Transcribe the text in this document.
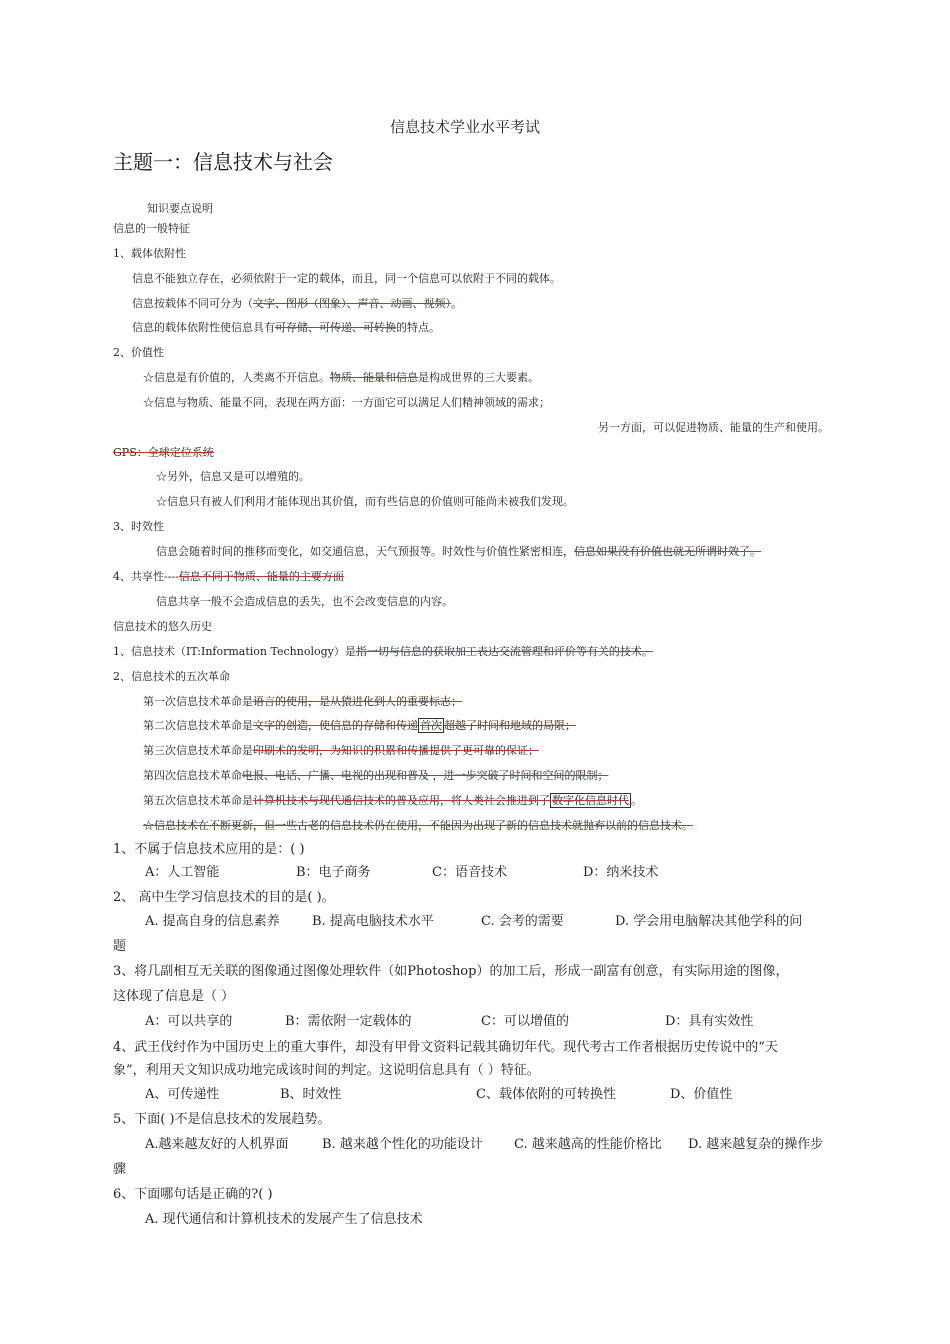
信息技术学业水平考试
主题一：信息技术与社会
知识要点说明
信息的一般特征
1、载体依附性
信息不能独立存在，必须依附于一定的载体，而且，同一个信息可以依附于不同的载体。
信息按载体不同可分为（文字、图形（图象）、声音、动画、视频）。
信息的载体依附性使信息具有可存储、可传递、可转换的特点。
2、价值性
☆信息是有价值的，人类离不开信息。物质、能量和信息是构成世界的三大要素。
☆信息与物质、能量不同，表现在两方面：一方面它可以满足人们精神领域的需求；
另一方面，可以促进物质、能量的生产和使用。
GPS：全球定位系统
☆另外，信息又是可以增殖的。
☆信息只有被人们利用才能体现出其价值，而有些信息的价值则可能尚未被我们发现。
3、时效性
信息会随着时间的推移而变化，如交通信息，天气预报等。时效性与价值性紧密相连，信息如果没有价值也就无所谓时效了。
4、共享性----信息不同于物质、能量的主要方面
信息共享一般不会造成信息的丢失，也不会改变信息的内容。
信息技术的悠久历史
1、信息技术（IT:Information Technology）是指一切与信息的获取加工表达交流管理和评价等有关的技术。
2、信息技术的五次革命
第一次信息技术革命是语言的使用，是从猿进化到人的重要标志；
第二次信息技术革命是文字的创造，使信息的存储和传递 首次 超越了时间和地域的局限；
第三次信息技术革命是印刷术的发明，为知识的积累和传播提供了更可靠的保证；
第四次信息技术革命电报、电话、广播、电视的出现和普及 ，进一步突破了时间和空间的限制；
第五次信息技术革命是计算机技术与现代通信技术的普及应用，将人类社会推进到了 数字化信息时代 。
☆信息技术在不断更新，但一些古老的信息技术仍在使用，不能因为出现了新的信息技术就抛弃以前的信息技术。
1、不属于信息技术应用的是：( )
A：人工智能	B：电子商务	C：语音技术	D：纳米技术
2、 高中生学习信息技术的目的是( )。
A. 提高自身的信息素养 B. 提高电脑技术水平	C. 会考的需要	D. 学会用电脑解决其他学科的问
题
3、将几副相互无关联的图像通过图像处理软件（如Photoshop）的加工后，形成一副富有创意，有实际用途的图像，
这体现了信息是（ ）
A：可以共享的	B：需依附一定载体的	C：可以增值的	D：具有实效性
4、武王伐纣作为中国历史上的重大事件，却没有甲骨文资料记载其确切年代。现代考古工作者根据历史传说中的“天
象”，利用天文知识成功地完成该时间的判定。这说明信息具有（ ）特征。
A、可传递性	B、时效性	C、载体依附的可转换性	D、价值性
5、下面( )不是信息技术的发展趋势。
A.越来越友好的人机界面	B. 越来越个性化的功能设计 C. 越来越高的性能价格比 D. 越来越复杂的操作步
骤
6、下面哪句话是正确的?( )
A. 现代通信和计算机技术的发展产生了信息技术
